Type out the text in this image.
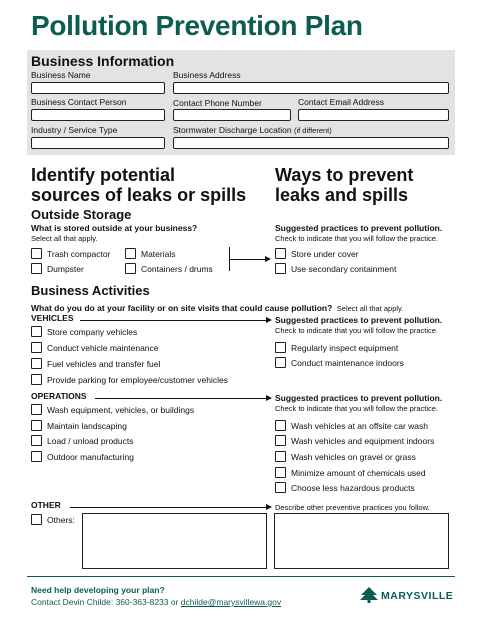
Pollution Prevention Plan
Business Information
Business Name	Business Address
Business Contact Person	Contact Phone Number	Contact Email Address
Industry / Service Type	Stormwater Discharge Location (if different)
Identify potential
sources of leaks or spills
Ways to prevent
leaks and spills
Outside Storage
What is stored outside at your business?
Select all that apply.
Trash compactor	Materials
Dumpster	Containers / drums
Suggested practices to prevent pollution.
Check to indicate that you will follow the practice.
Store under cover
Use secondary containment
Business Activities
What do you do at your facility or on site visits that could cause pollution? Select all that apply.
VEHICLES
Store company vehicles
Conduct vehicle maintenance
Fuel vehicles and transfer fuel
Provide parking for employee/customer vehicles
Suggested practices to prevent pollution.
Check to indicate that you will follow the practice.
Regularly inspect equipment
Conduct maintenance indoors
OPERATIONS
Wash equipment, vehicles, or buildings
Maintain landscaping
Load / unload products
Outdoor manufacturing
Suggested practices to prevent pollution.
Check to indicate that you will follow the practice.
Wash vehicles at an offsite car wash
Wash vehicles and equipment indoors
Wash vehicles on gravel or grass
Minimize amount of chemicals used
Choose less hazardous products
OTHER
Others:
Describe other preventive practices you follow.
Need help developing your plan?
Contact Devin Childe: 360-363-8233 or dchilde@marysvillewa.gov	MARYSVILLE
